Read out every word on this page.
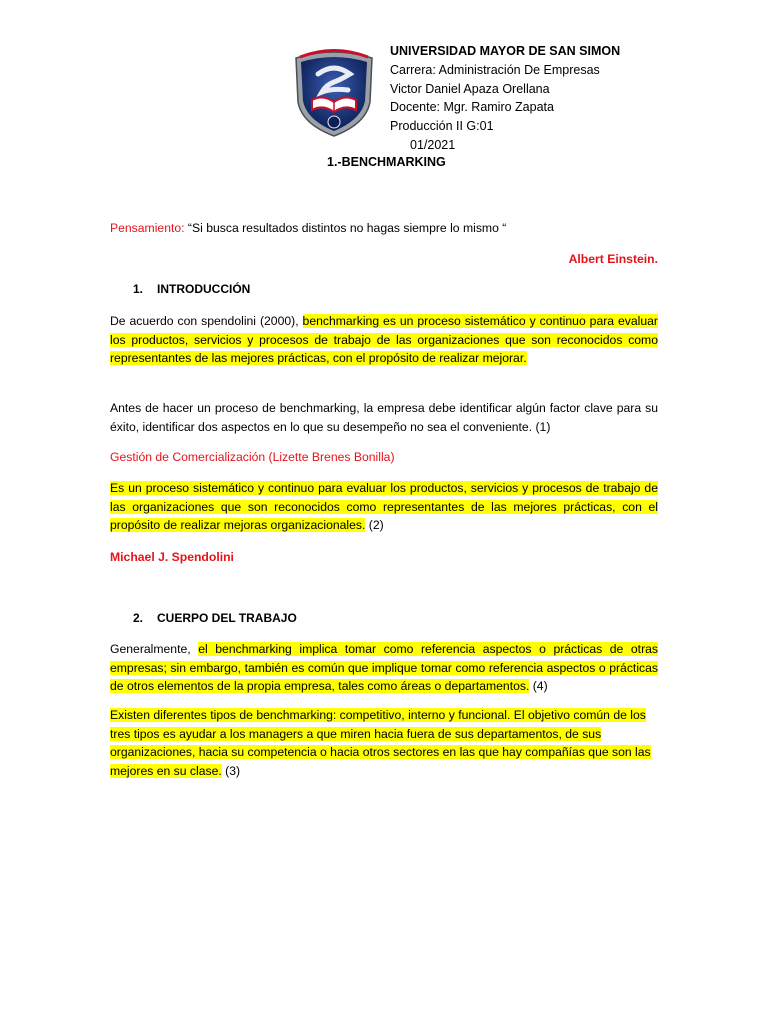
UNIVERSIDAD MAYOR DE SAN SIMON
Carrera: Administración De Empresas
Victor Daniel Apaza Orellana
Docente: Mgr. Ramiro Zapata
Producción II G:01
01/2021
1.-BENCHMARKING
Pensamiento: “Si busca resultados distintos no hagas siempre lo mismo “
Albert Einstein.
1. INTRODUCCIÓN
De acuerdo con spendolini (2000), benchmarking es un proceso sistemático y continuo para evaluar los productos, servicios y procesos de trabajo de las organizaciones que son reconocidos como representantes de las mejores prácticas, con el propósito de realizar mejorar.
Antes de hacer un proceso de benchmarking, la empresa debe identificar algún factor clave para su éxito, identificar dos aspectos en lo que su desempeño no sea el conveniente. (1)
Gestión de Comercialización (Lizette Brenes Bonilla)
Es un proceso sistemático y continuo para evaluar los productos, servicios y procesos de trabajo de las organizaciones que son reconocidos como representantes de las mejores prácticas, con el propósito de realizar mejoras organizacionales. (2)
Michael J. Spendolini
2. CUERPO DEL TRABAJO
Generalmente, el benchmarking implica tomar como referencia aspectos o prácticas de otras empresas; sin embargo, también es común que implique tomar como referencia aspectos o prácticas de otros elementos de la propia empresa, tales como áreas o departamentos. (4)
Existen diferentes tipos de benchmarking: competitivo, interno y funcional. El objetivo común de los tres tipos es ayudar a los managers a que miren hacia fuera de sus departamentos, de sus organizaciones, hacia su competencia o hacia otros sectores en las que hay compañías que son las mejores en su clase. (3)
